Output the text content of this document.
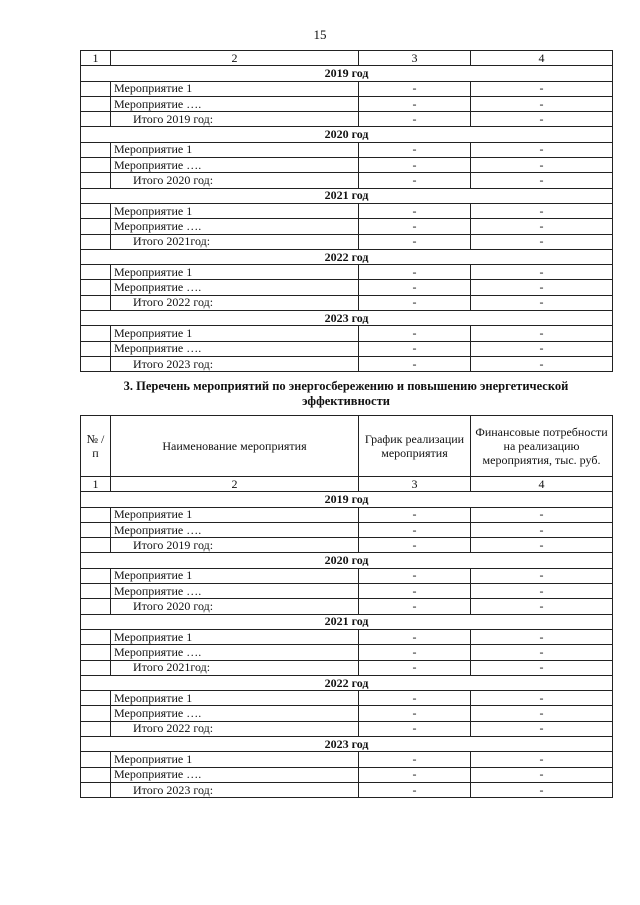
15
1	2	3	4
2019 год			
	Мероприятие 1	-	-
	Мероприятие ….	-	-
	Итого 2019 год:	-	-
2020 год			
	Мероприятие 1	-	-
	Мероприятие ….	-	-
	Итого 2020 год:	-	-
2021 год			
	Мероприятие 1	-	-
	Мероприятие ….	-	-
	Итого 2021год:	-	-
2022 год			
	Мероприятие 1	-	-
	Мероприятие ….	-	-
	Итого 2022 год:	-	-
2023 год			
	Мероприятие 1	-	-
	Мероприятие ….	-	-
	Итого 2023 год:	-	-
3. Перечень мероприятий по энергосбережению и повышению энергетической эффективности
№ / п	Наименование мероприятия	График реализации мероприятия	Финансовые потребности на реализацию мероприятия, тыс. руб.
1	2	3	4
2019 год			
	Мероприятие 1	-	-
	Мероприятие ….	-	-
	Итого 2019 год:	-	-
2020 год			
	Мероприятие 1	-	-
	Мероприятие ….	-	-
	Итого 2020 год:	-	-
2021 год			
	Мероприятие 1	-	-
	Мероприятие ….	-	-
	Итого 2021год:	-	-
2022 год			
	Мероприятие 1	-	-
	Мероприятие ….	-	-
	Итого 2022 год:	-	-
2023 год			
	Мероприятие 1	-	-
	Мероприятие ….	-	-
	Итого 2023 год:	-	-
